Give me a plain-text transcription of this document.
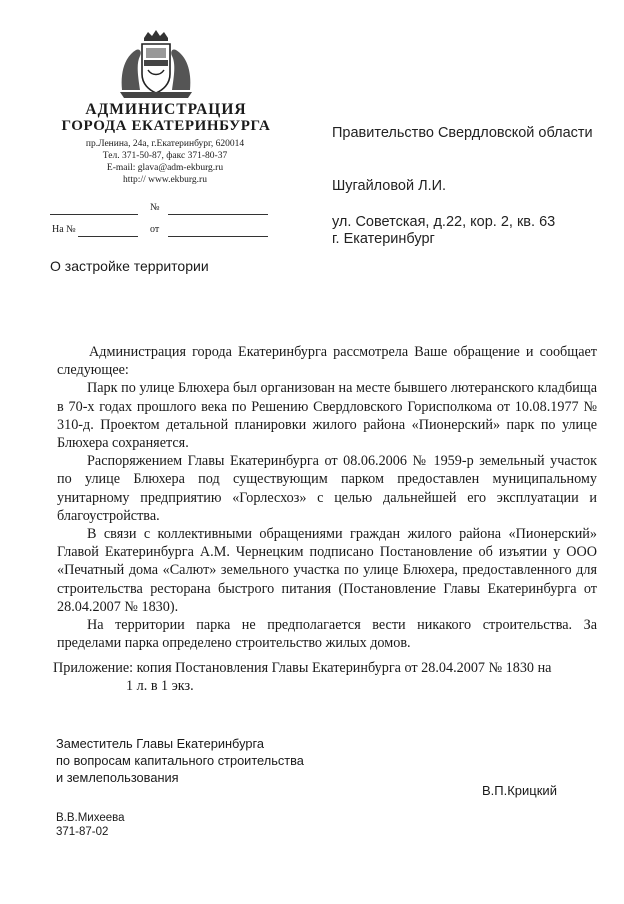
АДМИНИСТРАЦИЯ
ГОРОДА ЕКАТЕРИНБУРГА
пр.Ленина, 24а, г.Екатеринбург, 620014
Тел. 371-50-87, факс 371-80-37
E-mail: glava@adm-ekburg.ru
http:// www.ekburg.ru
№
На №	от
Правительство Свердловской области
Шугайловой Л.И.
ул. Советская, д.22, кор. 2, кв. 63
г. Екатеринбург
О застройке территории

Администрация города Екатеринбурга рассмотрела Ваше обращение и сообщает следующее:

Парк по улице Блюхера был организован на месте бывшего лютеранского кладбища в 70-х годах прошлого века по Решению Свердловского Горисполкома от 10.08.1977 № 310-д. Проектом детальной планировки жилого района «Пионерский» парк по улице Блюхера сохраняется.

Распоряжением Главы Екатеринбурга от 08.06.2006 № 1959-р земельный участок по улице Блюхера под существующим парком предоставлен муниципальному унитарному предприятию «Горлесхоз» с целью дальнейшей его эксплуатации и благоустройства.

В связи с коллективными обращениями граждан жилого района «Пионерский» Главой Екатеринбурга А.М. Чернецким подписано Постановление об изъятии у ООО «Печатный дома «Салют» земельного участка по улице Блюхера, предоставленного для строительства ресторана быстрого питания (Постановление Главы Екатеринбурга от 28.04.2007 № 1830).

На территории парка не предполагается вести никакого строительства. За пределами парка определено строительство жилых домов.

Приложение: копия Постановления Главы Екатеринбурга от 28.04.2007 № 1830 на
1 л. в 1 экз.
Заместитель Главы Екатеринбурга
по вопросам капитального строительства
и землепользования
В.П.Крицкий
В.В.Михеева
371-87-02
